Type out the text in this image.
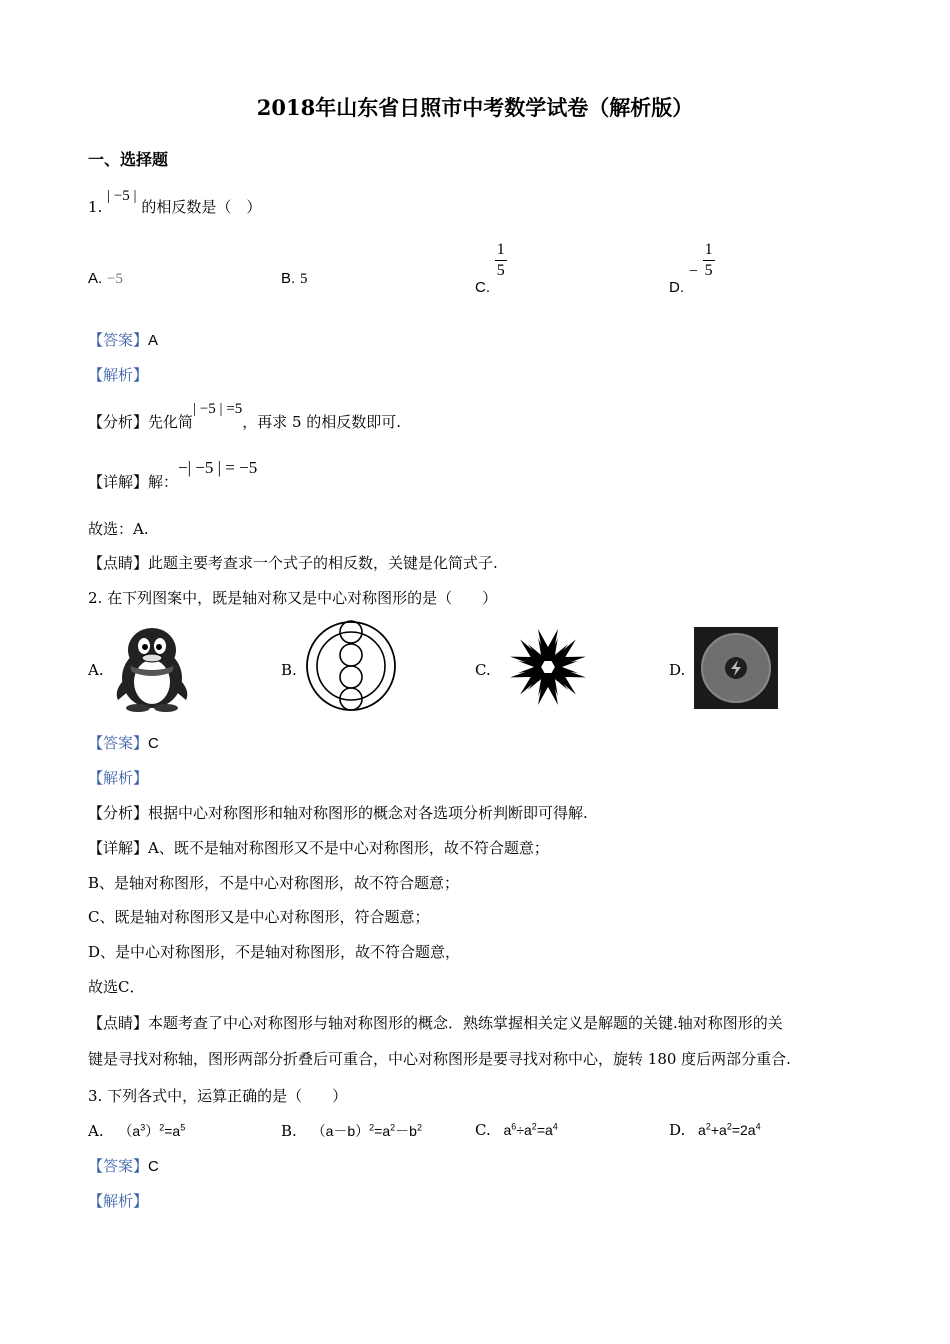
2018年山东省日照市中考数学试卷（解析版）
一、选择题
1. | −5 | 的相反数是（　）
A. −5	B. 5	C.
$\frac{1}{5}$
D. − $\frac{1}{5}$
【答案】A
【解析】
【分析】先化简| −5 | =5，再求 5 的相反数即可.
【详解】解：−| −5 | = −5
故选：A.
【点睛】此题主要考查求一个式子的相反数，关键是化简式子.
2. 在下列图案中，既是轴对称又是中心对称图形的是（　　）
A.	B.	C.	D.
【答案】C
【解析】
【分析】根据中心对称图形和轴对称图形的概念对各选项分析判断即可得解.
【详解】A、既不是轴对称图形又不是中心对称图形，故不符合题意；
B、是轴对称图形，不是中心对称图形，故不符合题意；
C、既是轴对称图形又是中心对称图形，符合题意；
D、是中心对称图形，不是轴对称图形，故不符合题意，
故选C．
【点睛】本题考查了中心对称图形与轴对称图形的概念．熟练掌握相关定义是解题的关键.轴对称图形的关
键是寻找对称轴，图形两部分折叠后可重合，中心对称图形是要寻找对称中心，旋转 180 度后两部分重合.
3. 下列各式中，运算正确的是（　　）
A. $(a^3)^2=a^5$	B. $(a-b)^2=a^2-b^2$	C. $a^6\div a^2=a^4$	D. $a^2+a^2=2a^4$
【答案】C
【解析】
